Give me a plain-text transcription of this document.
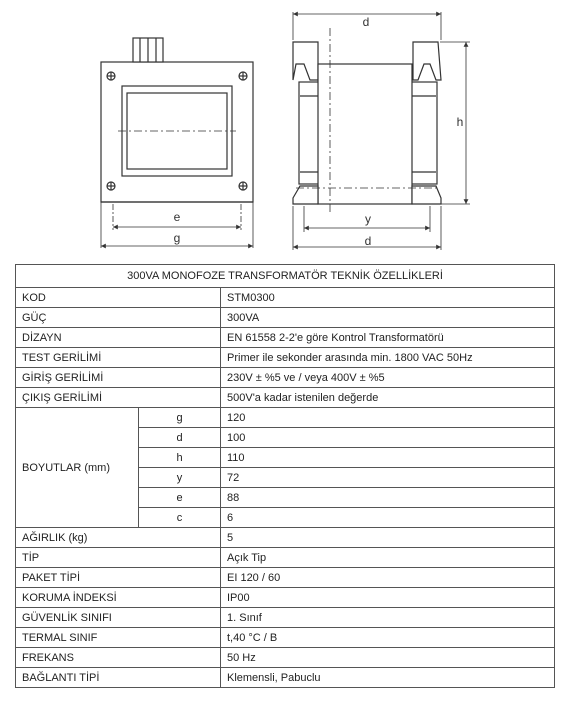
e
g
d
h
y
d
300VA MONOFOZE TRANSFORMATÖR TEKNİK ÖZELLİKLERİ		
KOD		STM0300
GÜÇ		300VA
DİZAYN		EN 61558 2-2'e göre Kontrol Transformatörü
TEST GERİLİMİ		Primer ile sekonder arasında min. 1800 VAC 50Hz
GİRİŞ GERİLİMİ		230V ± %5 ve / veya 400V ± %5
ÇIKIŞ GERİLİMİ		500V'a kadar istenilen değerde
BOYUTLAR (mm)	g	120
	d	100
	h	110
	y	72
	e	88
	c	6
AĞIRLIK (kg)		5
TİP		Açık Tip
PAKET TİPİ		EI 120 / 60
KORUMA İNDEKSİ		IP00
GÜVENLİK SINIFI		1. Sınıf
TERMAL SINIF		t,40 °C / B
FREKANS		50 Hz
BAĞLANTI TİPİ		Klemensli, Pabuclu
